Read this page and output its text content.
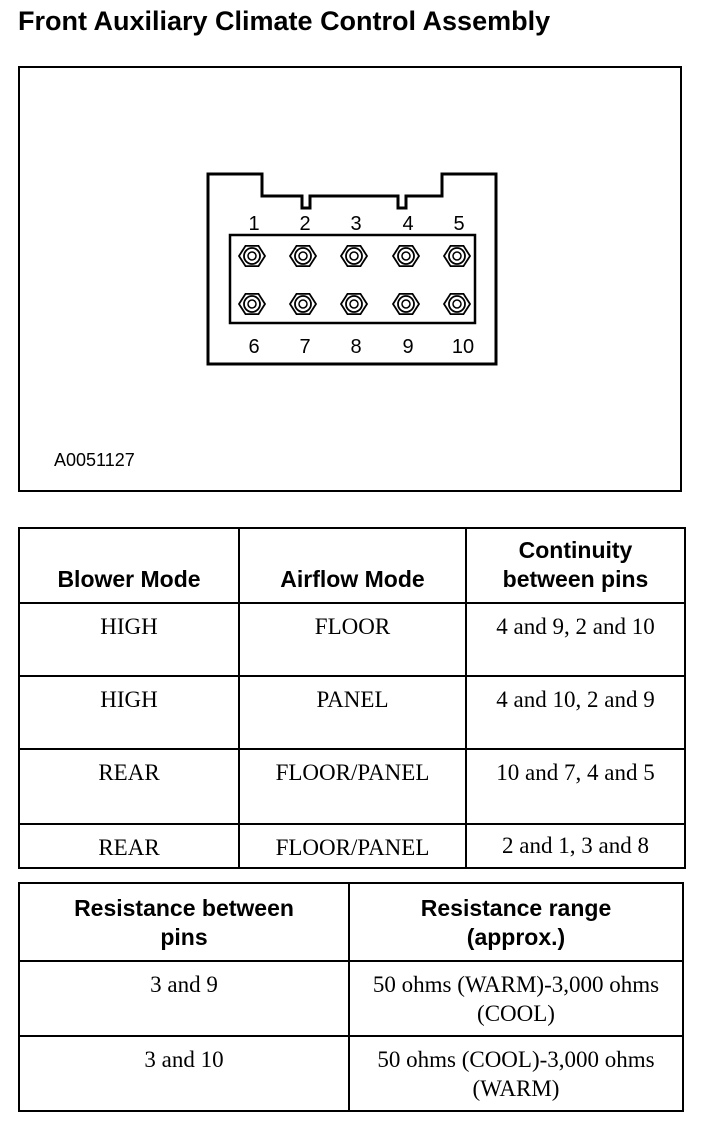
Front Auxiliary Climate Control Assembly
1 2 3 4 5
6 7 8 9 10
A0051127
Blower Mode	Airflow Mode	Continuity between pins
HIGH	FLOOR	4 and 9, 2 and 10
HIGH	PANEL	4 and 10, 2 and 9
REAR	FLOOR/PANEL	10 and 7, 4 and 5
REAR	FLOOR/PANEL	2 and 1, 3 and 8
Resistance between pins	Resistance range (approx.)
3 and 9	50 ohms (WARM)-3,000 ohms (COOL)
3 and 10	50 ohms (COOL)-3,000 ohms (WARM)
